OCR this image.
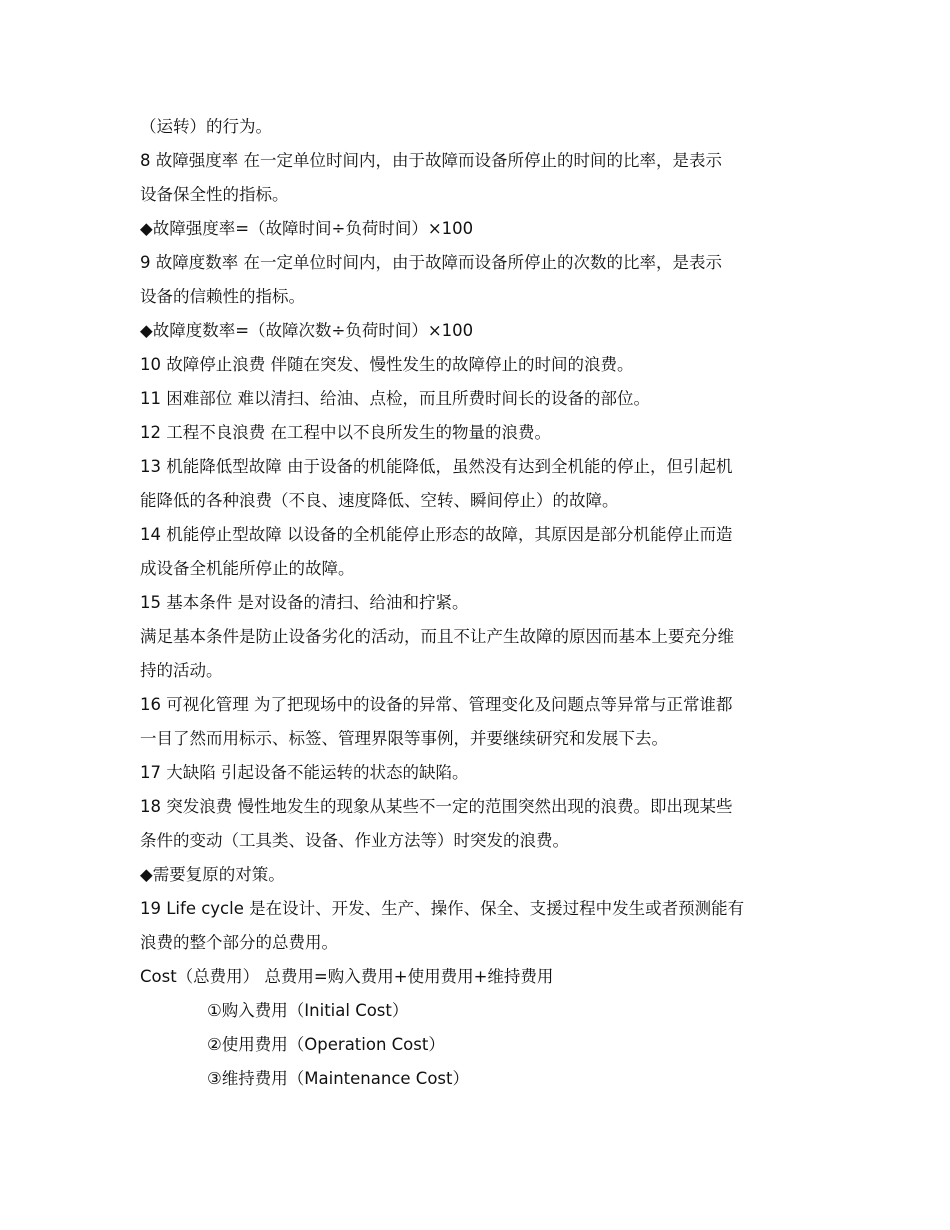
（运转）的行为。

8 故障强度率 在一定单位时间内，由于故障而设备所停止的时间的比率，是表示

设备保全性的指标。

◆故障强度率=（故障时间÷负荷时间）×100

9 故障度数率 在一定单位时间内，由于故障而设备所停止的次数的比率，是表示

设备的信赖性的指标。

◆故障度数率=（故障次数÷负荷时间）×100

10 故障停止浪费 伴随在突发、慢性发生的故障停止的时间的浪费。

11 困难部位 难以清扫、给油、点检，而且所费时间长的设备的部位。

12 工程不良浪费 在工程中以不良所发生的物量的浪费。

13 机能降低型故障 由于设备的机能降低，虽然没有达到全机能的停止，但引起机

能降低的各种浪费（不良、速度降低、空转、瞬间停止）的故障。

14 机能停止型故障 以设备的全机能停止形态的故障，其原因是部分机能停止而造

成设备全机能所停止的故障。

15 基本条件 是对设备的清扫、给油和拧紧。

满足基本条件是防止设备劣化的活动，而且不让产生故障的原因而基本上要充分维

持的活动。

16 可视化管理 为了把现场中的设备的异常、管理变化及问题点等异常与正常谁都

一目了然而用标示、标签、管理界限等事例，并要继续研究和发展下去。

17 大缺陷 引起设备不能运转的状态的缺陷。

18 突发浪费 慢性地发生的现象从某些不一定的范围突然出现的浪费。即出现某些

条件的变动（工具类、设备、作业方法等）时突发的浪费。

◆需要复原的对策。

19 Life cycle 是在设计、开发、生产、操作、保全、支援过程中发生或者预测能有

浪费的整个部分的总费用。

Cost（总费用） 总费用=购入费用+使用费用+维持费用

①购入费用（Initial Cost）

②使用费用（Operation Cost）

③维持费用（Maintenance Cost）
